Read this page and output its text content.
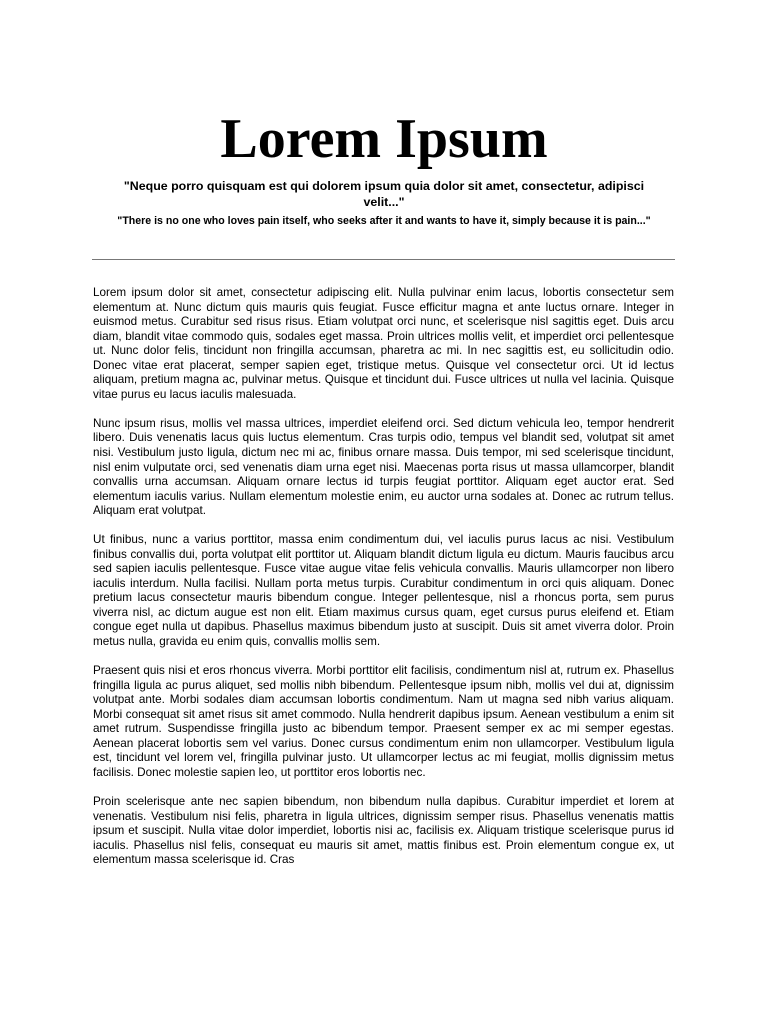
Lorem Ipsum

"Neque porro quisquam est qui dolorem ipsum quia dolor sit amet, consectetur, adipisci velit..."

"There is no one who loves pain itself, who seeks after it and wants to have it, simply because it is pain..."

Lorem ipsum dolor sit amet, consectetur adipiscing elit. Nulla pulvinar enim lacus, lobortis consectetur sem elementum at. Nunc dictum quis mauris quis feugiat. Fusce efficitur magna et ante luctus ornare. Integer in euismod metus. Curabitur sed risus risus. Etiam volutpat orci nunc, et scelerisque nisl sagittis eget. Duis arcu diam, blandit vitae commodo quis, sodales eget massa. Proin ultrices mollis velit, et imperdiet orci pellentesque ut. Nunc dolor felis, tincidunt non fringilla accumsan, pharetra ac mi. In nec sagittis est, eu sollicitudin odio. Donec vitae erat placerat, semper sapien eget, tristique metus. Quisque vel consectetur orci. Ut id lectus aliquam, pretium magna ac, pulvinar metus. Quisque et tincidunt dui. Fusce ultrices ut nulla vel lacinia. Quisque vitae purus eu lacus iaculis malesuada.

Nunc ipsum risus, mollis vel massa ultrices, imperdiet eleifend orci. Sed dictum vehicula leo, tempor hendrerit libero. Duis venenatis lacus quis luctus elementum. Cras turpis odio, tempus vel blandit sed, volutpat sit amet nisi. Vestibulum justo ligula, dictum nec mi ac, finibus ornare massa. Duis tempor, mi sed scelerisque tincidunt, nisl enim vulputate orci, sed venenatis diam urna eget nisi. Maecenas porta risus ut massa ullamcorper, blandit convallis urna accumsan. Aliquam ornare lectus id turpis feugiat porttitor. Aliquam eget auctor erat. Sed elementum iaculis varius. Nullam elementum molestie enim, eu auctor urna sodales at. Donec ac rutrum tellus. Aliquam erat volutpat.

Ut finibus, nunc a varius porttitor, massa enim condimentum dui, vel iaculis purus lacus ac nisi. Vestibulum finibus convallis dui, porta volutpat elit porttitor ut. Aliquam blandit dictum ligula eu dictum. Mauris faucibus arcu sed sapien iaculis pellentesque. Fusce vitae augue vitae felis vehicula convallis. Mauris ullamcorper non libero iaculis interdum. Nulla facilisi. Nullam porta metus turpis. Curabitur condimentum in orci quis aliquam. Donec pretium lacus consectetur mauris bibendum congue. Integer pellentesque, nisl a rhoncus porta, sem purus viverra nisl, ac dictum augue est non elit. Etiam maximus cursus quam, eget cursus purus eleifend et. Etiam congue eget nulla ut dapibus. Phasellus maximus bibendum justo at suscipit. Duis sit amet viverra dolor. Proin metus nulla, gravida eu enim quis, convallis mollis sem.

Praesent quis nisi et eros rhoncus viverra. Morbi porttitor elit facilisis, condimentum nisl at, rutrum ex. Phasellus fringilla ligula ac purus aliquet, sed mollis nibh bibendum. Pellentesque ipsum nibh, mollis vel dui at, dignissim volutpat ante. Morbi sodales diam accumsan lobortis condimentum. Nam ut magna sed nibh varius aliquam. Morbi consequat sit amet risus sit amet commodo. Nulla hendrerit dapibus ipsum. Aenean vestibulum a enim sit amet rutrum. Suspendisse fringilla justo ac bibendum tempor. Praesent semper ex ac mi semper egestas. Aenean placerat lobortis sem vel varius. Donec cursus condimentum enim non ullamcorper. Vestibulum ligula est, tincidunt vel lorem vel, fringilla pulvinar justo. Ut ullamcorper lectus ac mi feugiat, mollis dignissim metus facilisis. Donec molestie sapien leo, ut porttitor eros lobortis nec.

Proin scelerisque ante nec sapien bibendum, non bibendum nulla dapibus. Curabitur imperdiet et lorem at venenatis. Vestibulum nisi felis, pharetra in ligula ultrices, dignissim semper risus. Phasellus venenatis mattis ipsum et suscipit. Nulla vitae dolor imperdiet, lobortis nisi ac, facilisis ex. Aliquam tristique scelerisque purus id iaculis. Phasellus nisl felis, consequat eu mauris sit amet, mattis finibus est. Proin elementum congue ex, ut elementum massa scelerisque id. Cras
